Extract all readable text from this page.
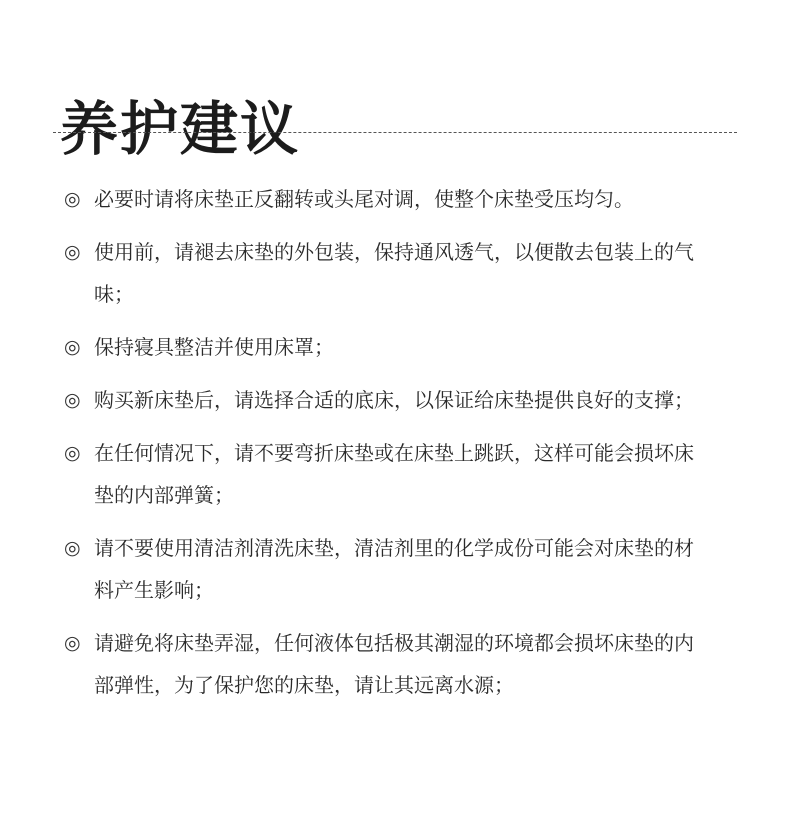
养护建议
◎ 必要时请将床垫正反翻转或头尾对调，使整个床垫受压均匀。
◎ 使用前，请褪去床垫的外包装，保持通风透气，以便散去包装上的气味；
◎ 保持寝具整洁并使用床罩；
◎ 购买新床垫后，请选择合适的底床，以保证给床垫提供良好的支撑；
◎ 在任何情况下，请不要弯折床垫或在床垫上跳跃，这样可能会损坏床垫的内部弹簧；
◎ 请不要使用清洁剂清洗床垫，清洁剂里的化学成份可能会对床垫的材料产生影响；
◎ 请避免将床垫弄湿，任何液体包括极其潮湿的环境都会损坏床垫的内部弹性，为了保护您的床垫，请让其远离水源；
